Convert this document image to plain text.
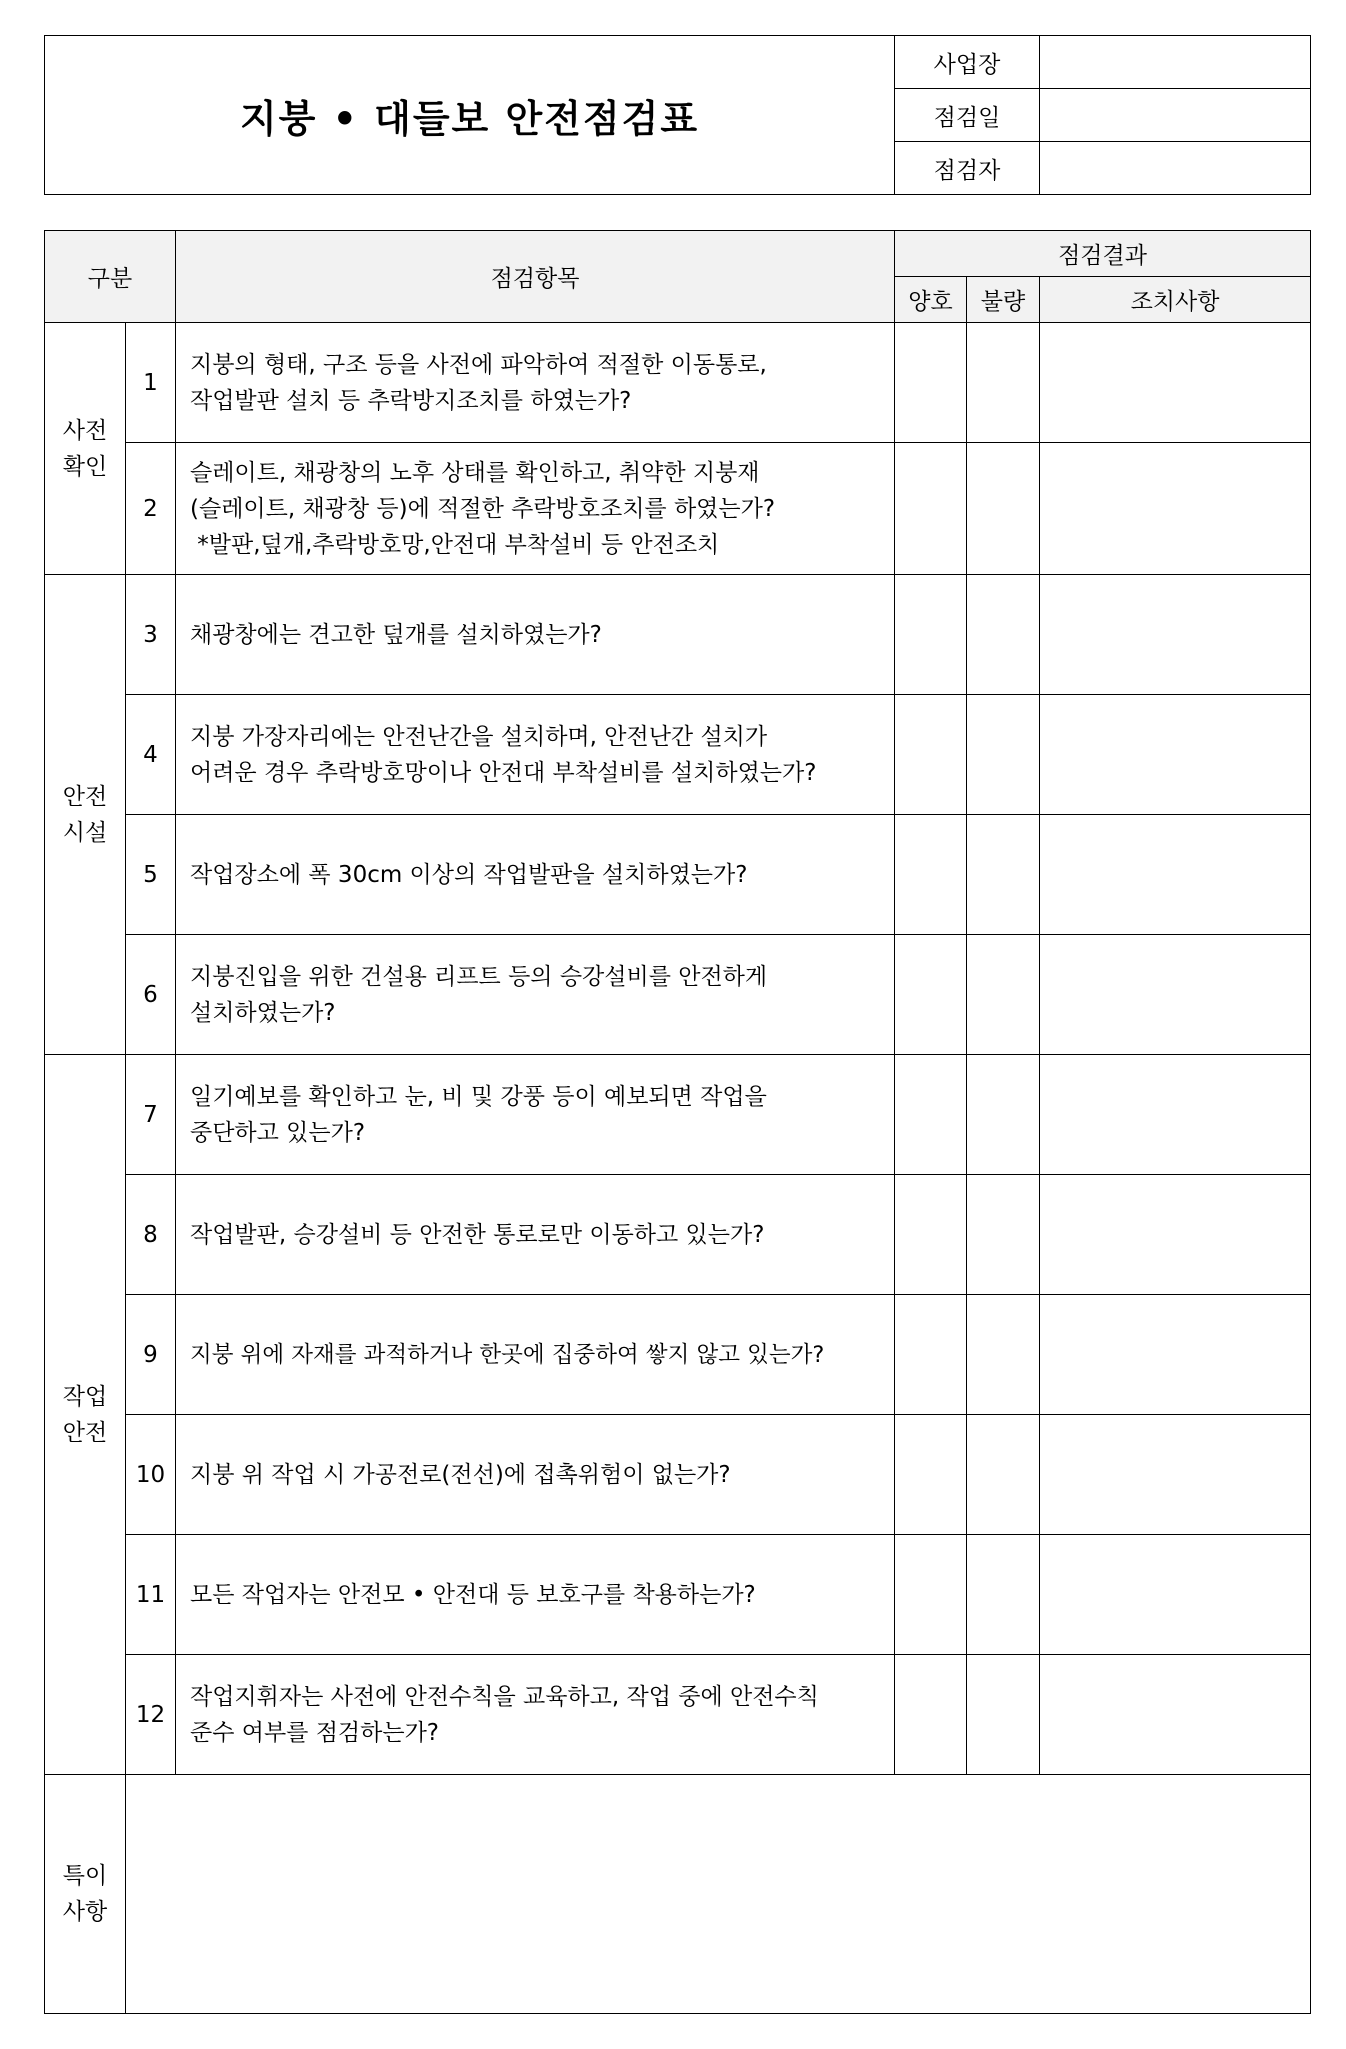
지붕 • 대들보 안전점검표	사업장	
	점검일	
	점검자	
구분		점검항목	점검결과		
			양호	불량	조치사항
사전
확인	1	지붕의 형태, 구조 등을 사전에 파악하여 적절한 이동통로,
작업발판 설치 등 추락방지조치를 하였는가?			
	2	슬레이트, 채광창의 노후 상태를 확인하고, 취약한 지붕재
(슬레이트, 채광창 등)에 적절한 추락방호조치를 하였는가?
*발판,덮개,추락방호망,안전대 부착설비 등 안전조치			
안전
시설	3	채광창에는 견고한 덮개를 설치하였는가?			
	4	지붕 가장자리에는 안전난간을 설치하며, 안전난간 설치가
어려운 경우 추락방호망이나 안전대 부착설비를 설치하였는가?			
	5	작업장소에 폭 30cm 이상의 작업발판을 설치하였는가?			
	6	지붕진입을 위한 건설용 리프트 등의 승강설비를 안전하게
설치하였는가?			
작업
안전	7	일기예보를 확인하고 눈, 비 및 강풍 등이 예보되면 작업을
중단하고 있는가?			
	8	작업발판, 승강설비 등 안전한 통로로만 이동하고 있는가?			
	9	지붕 위에 자재를 과적하거나 한곳에 집중하여 쌓지 않고 있는가?			
	10	지붕 위 작업 시 가공전로(전선)에 접촉위험이 없는가?			
	11	모든 작업자는 안전모 • 안전대 등 보호구를 착용하는가?			
	12	작업지휘자는 사전에 안전수칙을 교육하고, 작업 중에 안전수칙
준수 여부를 점검하는가?			
특이
사항					
